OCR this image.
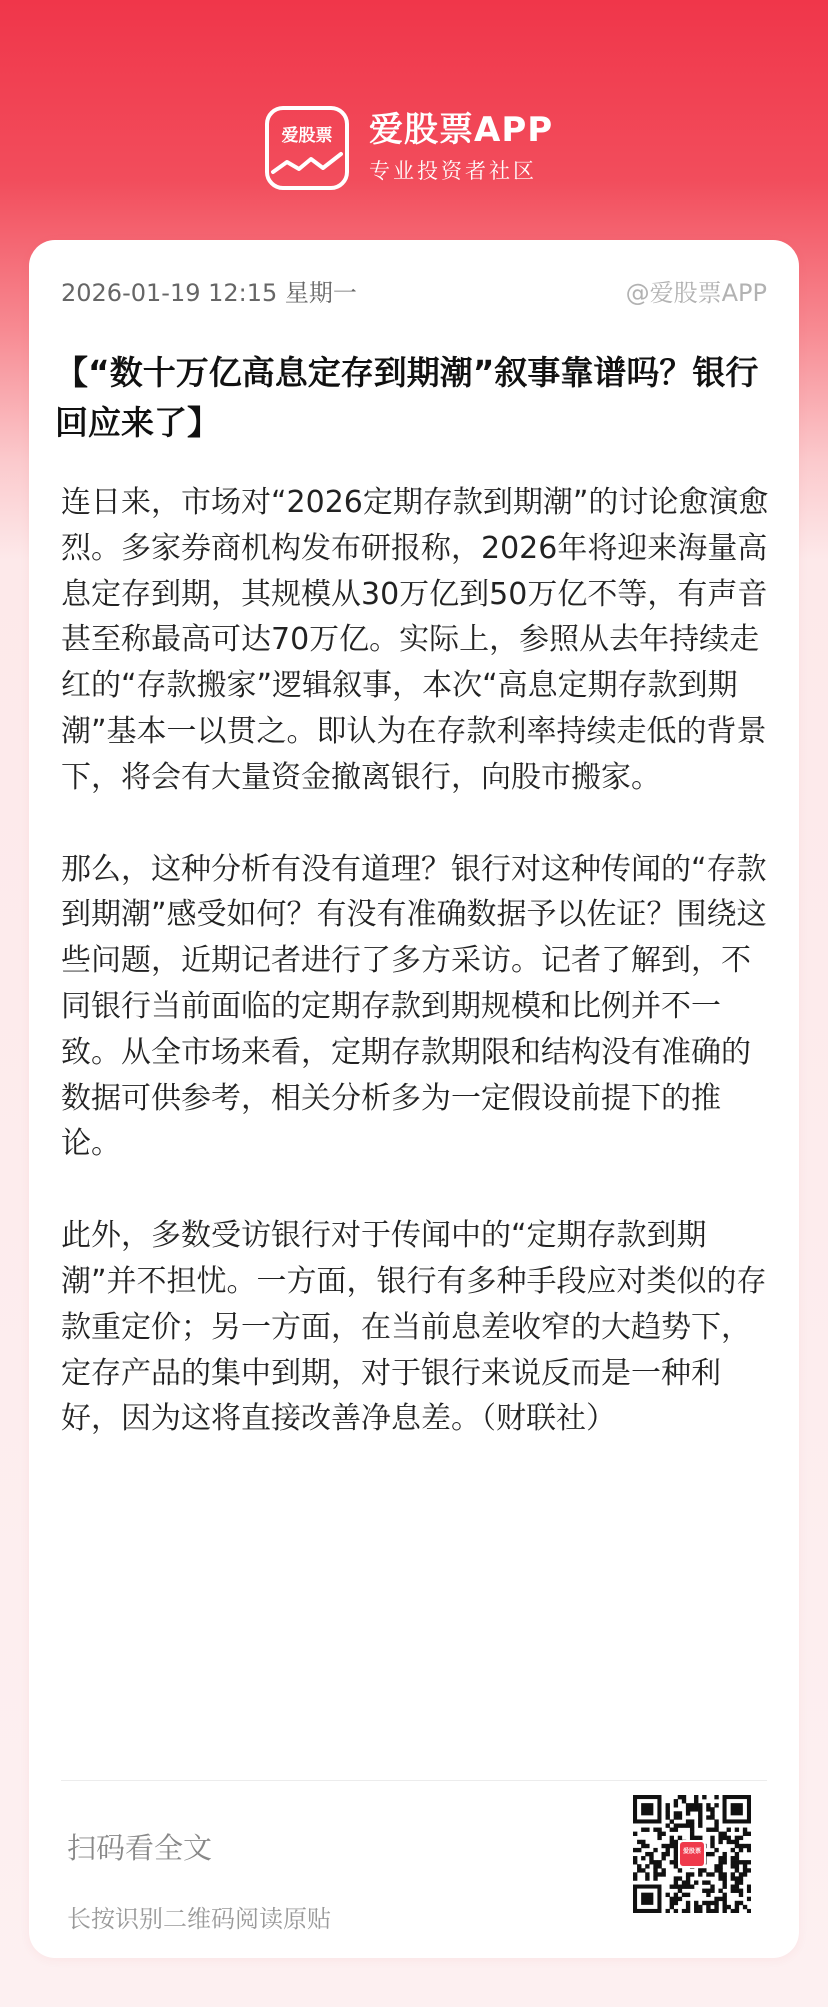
爱股票	爱股票APP
专业投资者社区
2026-01-19 12:15 星期一	@爱股票APP
【“数十万亿高息定存到期潮”叙事靠谱吗？银行回应来了】

连日来，市场对“2026定期存款到期潮”的讨论愈演愈烈。多家券商机构发布研报称，2026年将迎来海量高息定存到期，其规模从30万亿到50万亿不等，有声音甚至称最高可达70万亿。实际上，参照从去年持续走红的“存款搬家”逻辑叙事，本次“高息定期存款到期潮”基本一以贯之。即认为在存款利率持续走低的背景下，将会有大量资金撤离银行，向股市搬家。

那么，这种分析有没有道理？银行对这种传闻的“存款到期潮”感受如何？有没有准确数据予以佐证？围绕这些问题，近期记者进行了多方采访。记者了解到，不同银行当前面临的定期存款到期规模和比例并不一致。从全市场来看，定期存款期限和结构没有准确的数据可供参考，相关分析多为一定假设前提下的推论。

此外，多数受访银行对于传闻中的“定期存款到期潮”并不担忧。一方面，银行有多种手段应对类似的存款重定价；另一方面，在当前息差收窄的大趋势下，定存产品的集中到期，对于银行来说反而是一种利好，因为这将直接改善净息差。（财联社）

扫码看全文
长按识别二维码阅读原贴
爱股票
